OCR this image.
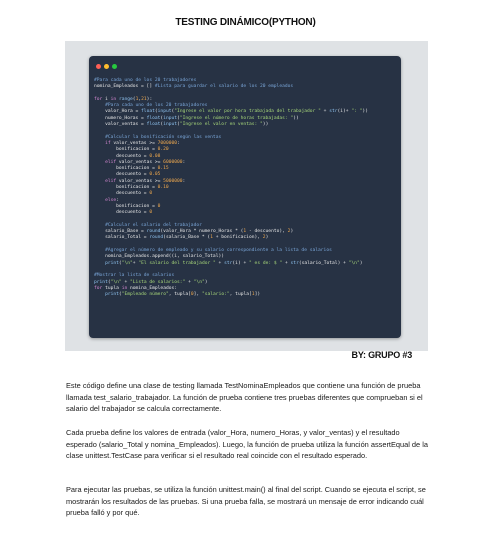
TESTING DINÁMICO(PYTHON)
#Para cada uno de los 20 trabajadores
nomina_Empleados = [] #Lista para guardar el salario de los 20 empleados
for i in range(1,21):
#Para cada uno de los 20 trabajadores
valor_Hora = float(input("Ingrese el valor por hora trabajada del trabajador " + str(i)+ ": "))
numero_Horas = float(input("Ingrese el número de horas trabajadas: "))
valor_ventas = float(input("Ingrese el valor en ventas: "))
#Calcular la bonificación según las ventas
if valor_ventas >= 7000000:
bonificacion = 0.20
descuento = 0.08
elif valor_ventas >= 6000000:
bonificacion = 0.15
descuento = 0.05
elif valor_ventas >= 5000000:
bonificacion = 0.10
descuento = 0
else:
bonificacion = 0
descuento = 0
#Calcular el salario del trabajador
salario_Base = round(valor_Hora * numero_Horas * (1 - descuento), 2)
salario_Total = round(salario_Base * (1 + bonificacion), 2)
#Agregar el número de empleado y su salario correspondiente a la lista de salarios
nomina_Empleados.append((i, salario_Total))
print("\n"+ "El salario del trabajador " + str(i) + " es de: $ " + str(salario_Total) + "\n")
#Mostrar la lista de salarios
print("\n" + "Lista de salarios:" + "\n")
for tupla in nomina_Empleados:
print("Empleado número", tupla[0], "salario:", tupla[1])
BY: GRUPO #3

Este código define una clase de testing llamada TestNominaEmpleados que contiene una función de prueba llamada test_salario_trabajador. La función de prueba contiene tres pruebas diferentes que comprueban si el salario del trabajador se calcula correctamente.

Cada prueba define los valores de entrada (valor_Hora, numero_Horas, y valor_ventas) y el resultado esperado (salario_Total y nomina_Empleados). Luego, la función de prueba utiliza la función assertEqual de la clase unittest.TestCase para verificar si el resultado real coincide con el resultado esperado.

Para ejecutar las pruebas, se utiliza la función unittest.main() al final del script. Cuando se ejecuta el script, se mostrarán los resultados de las pruebas. Si una prueba falla, se mostrará un mensaje de error indicando cuál prueba falló y por qué.
